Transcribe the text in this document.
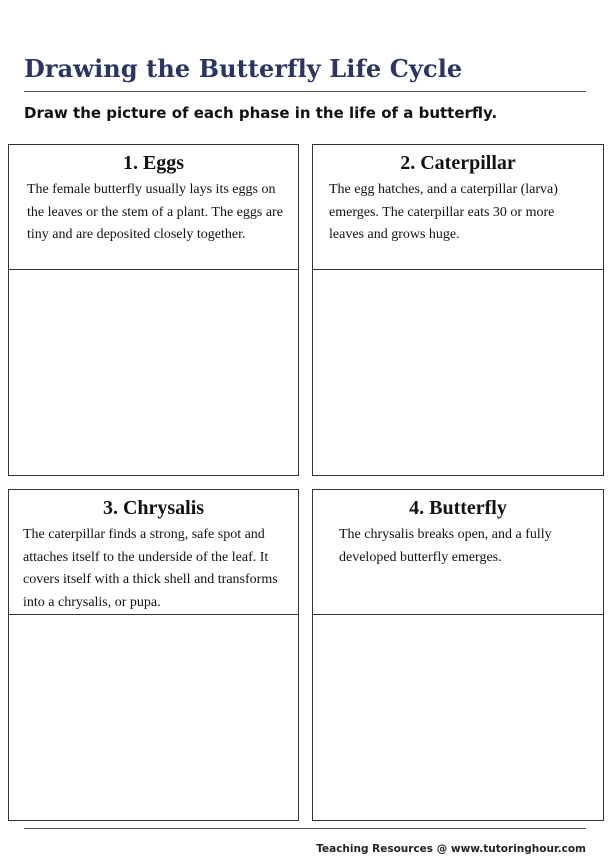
Drawing the Butterfly Life Cycle

Draw the picture of each phase in the life of a butterfly.

1. Eggs

The female butterfly usually lays its eggs on the leaves or the stem of a plant. The eggs are tiny and are deposited closely together.

2. Caterpillar

The egg hatches, and a caterpillar (larva) emerges. The caterpillar eats 30 or more leaves and grows huge.

3. Chrysalis

The caterpillar finds a strong, safe spot and attaches itself to the underside of the leaf. It covers itself with a thick shell and transforms into a chrysalis, or pupa.

4. Butterfly

The chrysalis breaks open, and a fully developed butterfly emerges.

Teaching Resources @ www.tutoringhour.com
